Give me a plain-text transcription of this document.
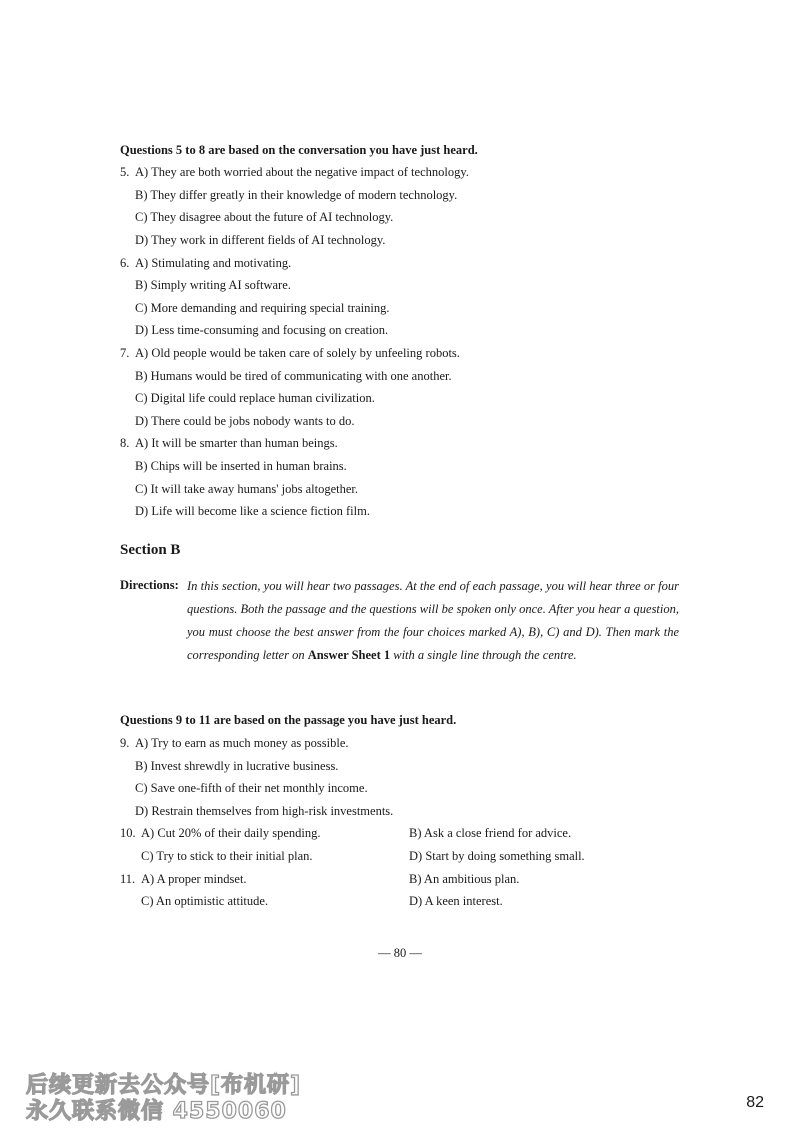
Questions 5 to 8 are based on the conversation you have just heard.
5. A) They are both worried about the negative impact of technology.
B) They differ greatly in their knowledge of modern technology.
C) They disagree about the future of AI technology.
D) They work in different fields of AI technology.
6. A) Stimulating and motivating.
B) Simply writing AI software.
C) More demanding and requiring special training.
D) Less time-consuming and focusing on creation.
7. A) Old people would be taken care of solely by unfeeling robots.
B) Humans would be tired of communicating with one another.
C) Digital life could replace human civilization.
D) There could be jobs nobody wants to do.
8. A) It will be smarter than human beings.
B) Chips will be inserted in human brains.
C) It will take away humans' jobs altogether.
D) Life will become like a science fiction film.
Section B
Directions: In this section, you will hear two passages. At the end of each passage, you will hear three or four questions. Both the passage and the questions will be spoken only once. After you hear a question, you must choose the best answer from the four choices marked A), B), C) and D). Then mark the corresponding letter on Answer Sheet 1 with a single line through the centre.
Questions 9 to 11 are based on the passage you have just heard.
9. A) Try to earn as much money as possible.
B) Invest shrewdly in lucrative business.
C) Save one-fifth of their net monthly income.
D) Restrain themselves from high-risk investments.
10. A) Cut 20% of their daily spending.	B) Ask a close friend for advice.
C) Try to stick to their initial plan.	D) Start by doing something small.
11. A) A proper mindset.	B) An ambitious plan.
C) An optimistic attitude.	D) A keen interest.
— 80 —
后续更新去公众号[布机研]
永久联系微信 4550060	82
